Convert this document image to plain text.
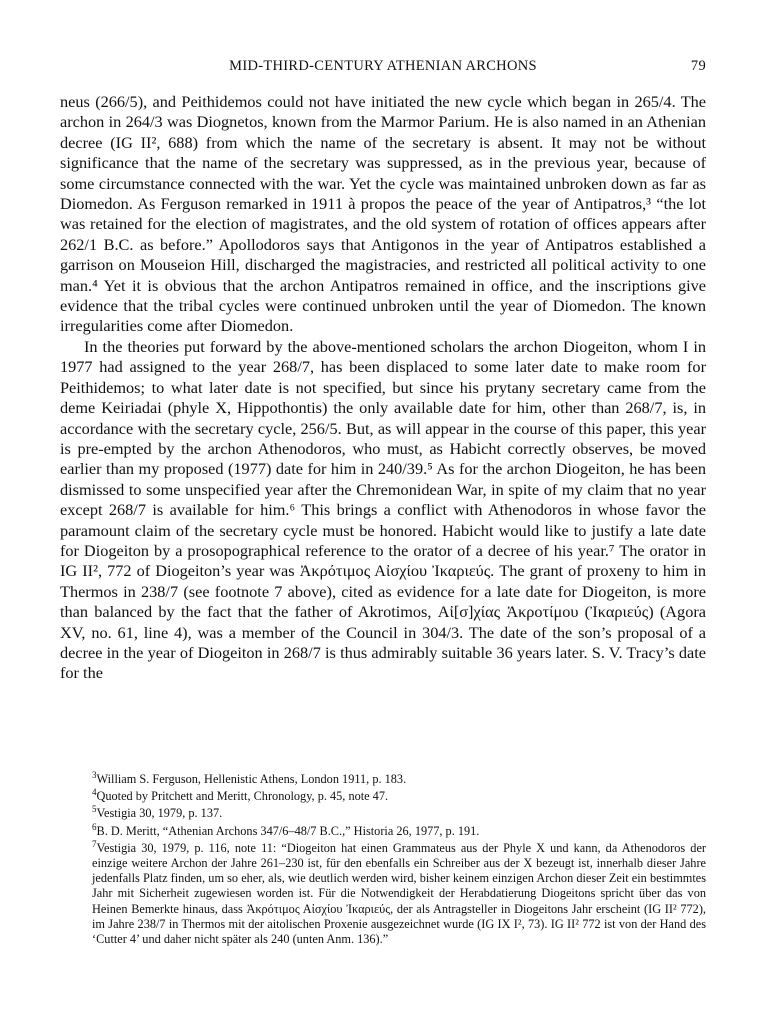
MID-THIRD-CENTURY ATHENIAN ARCHONS	79

neus (266/5), and Peithidemos could not have initiated the new cycle which began in 265/4. The archon in 264/3 was Diognetos, known from the Marmor Parium. He is also named in an Athenian decree (IG II², 688) from which the name of the secretary is absent. It may not be without significance that the name of the secretary was suppressed, as in the previous year, because of some circumstance connected with the war. Yet the cycle was maintained unbroken down as far as Diomedon. As Ferguson remarked in 1911 à propos the peace of the year of Antipatros,³ “the lot was retained for the election of magistrates, and the old system of rotation of offices appears after 262/1 B.C. as before.” Apollodoros says that Antigonos in the year of Antipatros established a garrison on Mouseion Hill, discharged the magistracies, and restricted all political activity to one man.⁴ Yet it is obvious that the archon Antipatros remained in office, and the inscriptions give evidence that the tribal cycles were continued unbroken until the year of Diomedon. The known irregularities come after Diomedon.

In the theories put forward by the above-mentioned scholars the archon Diogeiton, whom I in 1977 had assigned to the year 268/7, has been displaced to some later date to make room for Peithidemos; to what later date is not specified, but since his prytany secretary came from the deme Keiriadai (phyle X, Hippothontis) the only available date for him, other than 268/7, is, in accordance with the secretary cycle, 256/5. But, as will appear in the course of this paper, this year is pre-empted by the archon Athenodoros, who must, as Habicht correctly observes, be moved earlier than my proposed (1977) date for him in 240/39.⁵ As for the archon Diogeiton, he has been dismissed to some unspecified year after the Chremonidean War, in spite of my claim that no year except 268/7 is available for him.⁶ This brings a conflict with Athenodoros in whose favor the paramount claim of the secretary cycle must be honored. Habicht would like to justify a late date for Diogeiton by a prosopographical reference to the orator of a decree of his year.⁷ The orator in IG II², 772 of Diogeiton’s year was Ἀκρότιμος Αἰσχίου Ἰκαριεύς. The grant of proxeny to him in Thermos in 238/7 (see footnote 7 above), cited as evidence for a late date for Diogeiton, is more than balanced by the fact that the father of Akrotimos, Αἰ[σ]χίας Ἀκροτίμου (Ἰκαριεύς) (Agora XV, no. 61, line 4), was a member of the Council in 304/3. The date of the son’s proposal of a decree in the year of Diogeiton in 268/7 is thus admirably suitable 36 years later. S. V. Tracy’s date for the

$^3$William S. Ferguson, Hellenistic Athens, London 1911, p. 183.

$^4$Quoted by Pritchett and Meritt, Chronology, p. 45, note 47.

$^5$Vestigia 30, 1979, p. 137.

$^6$B. D. Meritt, “Athenian Archons 347/6–48/7 B.C.,” Historia 26, 1977, p. 191.

$^7$Vestigia 30, 1979, p. 116, note 11: “Diogeiton hat einen Grammateus aus der Phyle X und kann, da Athenodoros der einzige weitere Archon der Jahre 261–230 ist, für den ebenfalls ein Schreiber aus der X bezeugt ist, innerhalb dieser Jahre jedenfalls Platz finden, um so eher, als, wie deutlich werden wird, bisher keinem einzigen Archon dieser Zeit ein bestimmtes Jahr mit Sicherheit zugewiesen worden ist. Für die Notwendigkeit der Herabdatierung Diogeitons spricht über das von Heinen Bemerkte hinaus, dass Ἀκρότιμος Αἰσχίου Ἰκαριεύς, der als Antragsteller in Diogeitons Jahr erscheint (IG II² 772), im Jahre 238/7 in Thermos mit der aitolischen Proxenie ausgezeichnet wurde (IG IX I², 73). IG II² 772 ist von der Hand des ‘Cutter 4’ und daher nicht später als 240 (unten Anm. 136).”
